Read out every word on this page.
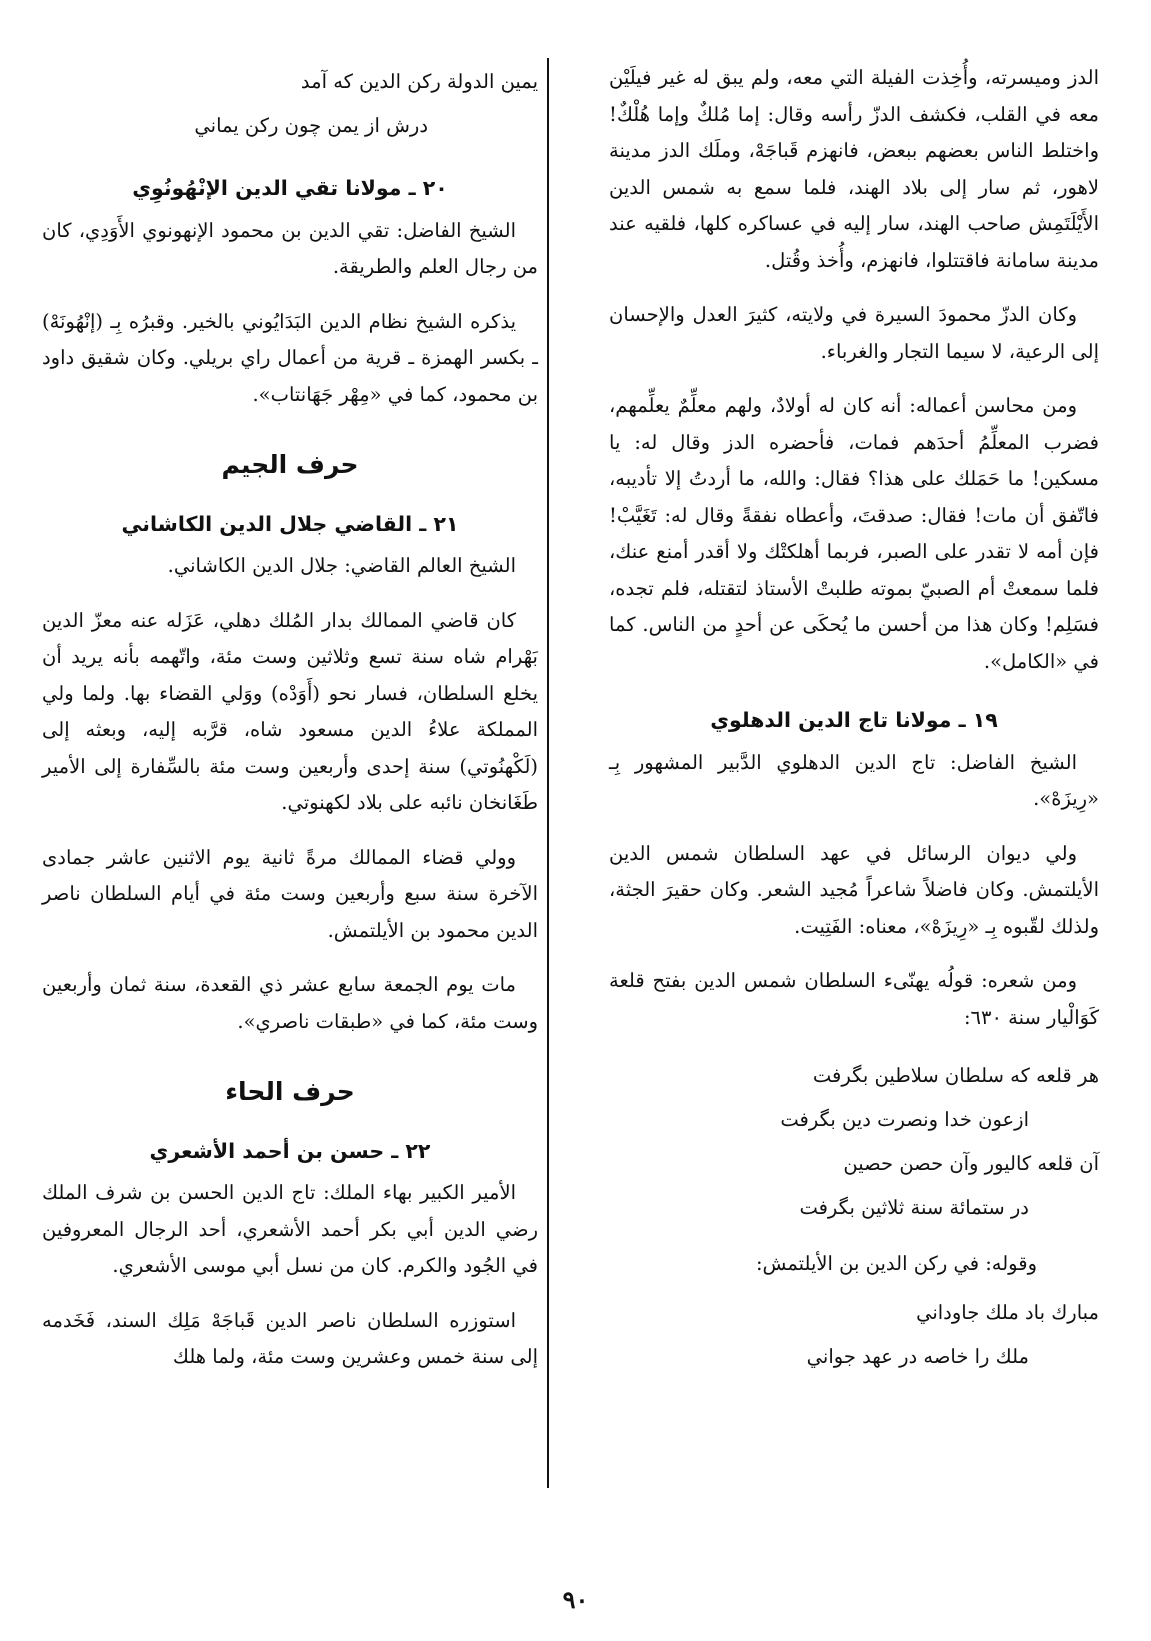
الدز وميسرته، وأُخِذت الفيلة التي معه، ولم يبق له غير فيلَيْن معه في القلب، فكشف الدزّ رأسه وقال: إما مُلكٌ وإما هُلْكٌ! واختلط الناس بعضهم ببعض، فانهزم قَباجَهْ، وملَك الدز مدينة لاهور، ثم سار إلى بلاد الهند، فلما سمع به شمس الدين الأَيْلَتَمِش صاحب الهند، سار إليه في عساكره كلها، فلقيه عند مدينة سامانة فاقتتلوا، فانهزم، وأُخذ وقُتل.

وكان الدزّ محمودَ السيرة في ولايته، كثيرَ العدل والإحسان إلى الرعية، لا سيما التجار والغرباء.

ومن محاسن أعماله: أنه كان له أولادٌ، ولهم معلِّمٌ يعلِّمهم، فضرب المعلِّمُ أحدَهم فمات، فأحضره الدز وقال له: يا مسكين! ما حَمَلك على هذا؟ فقال: والله، ما أردتُ إلا تأديبه، فاتّفق أن مات! فقال: صدقتَ، وأعطاه نفقةً وقال له: تَغَيَّبْ! فإن أمه لا تقدر على الصبر، فربما أهلكتْك ولا أقدر أمنع عنك، فلما سمعتْ أم الصبيّ بموته طلبتْ الأستاذ لتقتله، فلم تجده، فسَلِم! وكان هذا من أحسن ما يُحكَى عن أحدٍ من الناس. كما في «الكامل».

١٩ ـ مولانا تاج الدين الدهلوي

الشيخ الفاضل: تاج الدين الدهلوي الدَّبير المشهور بِـ «رِيزَهْ».

ولي ديوان الرسائل في عهد السلطان شمس الدين الأيلتمش. وكان فاضلاً شاعراً مُجيد الشعر. وكان حقيرَ الجثة، ولذلك لقّبوه بِـ «رِيزَهْ»، معناه: الفَتِيت.

ومن شعره: قولُه يهنّىء السلطان شمس الدين بفتح قلعة كَوَالْيار سنة ٦٣٠:

هر قلعه كه سلطان سلاطين بگرفت
ازعون خدا ونصرت دين بگرفت
آن قلعه كاليور وآن حصن حصين
در ستمائة سنة ثلاثين بگرفت

وقوله: في ركن الدين بن الأيلتمش:

مبارك باد ملك جاوداني
ملك را خاصه در عهد جواني
يمين الدولة ركن الدين كه آمد
درش از يمن چون ركن يماني
٢٠ ـ مولانا تقي الدين الإنْهُونُوِي

الشيخ الفاضل: تقي الدين بن محمود الإنهونوي الأَوَدِي، كان من رجال العلم والطريقة.

يذكره الشيخ نظام الدين البَدَايُوني بالخير. وقبرُه بِـ (إنْهُونَهْ) ـ بكسر الهمزة ـ قرية من أعمال راي بريلي. وكان شقيق داود بن محمود، كما في «مِهْر جَهَانتاب».

حرف الجيم
٢١ ـ القاضي جلال الدين الكاشاني

الشيخ العالم القاضي: جلال الدين الكاشاني.

كان قاضي الممالك بدار المُلك دهلي، عَزَله عنه معزّ الدين بَهْرام شاه سنة تسع وثلاثين وست مئة، واتّهمه بأنه يريد أن يخلع السلطان، فسار نحو (أَوَدْه) ووَلي القضاء بها. ولما ولي المملكة علاءُ الدين مسعود شاه، قرَّبه إليه، وبعثه إلى (لَكْهنُوتي) سنة إحدى وأربعين وست مئة بالسِّفارة إلى الأمير طَغَانخان نائبه على بلاد لكهنوتي.

وولي قضاء الممالك مرةً ثانية يوم الاثنين عاشر جمادى الآخرة سنة سبع وأربعين وست مئة في أيام السلطان ناصر الدين محمود بن الأيلتمش.

مات يوم الجمعة سابع عشر ذي القعدة، سنة ثمان وأربعين وست مئة، كما في «طبقات ناصري».

حرف الحاء
٢٢ ـ حسن بن أحمد الأشعري

الأمير الكبير بهاء الملك: تاج الدين الحسن بن شرف الملك رضي الدين أبي بكر أحمد الأشعري، أحد الرجال المعروفين في الجُود والكرم. كان من نسل أبي موسى الأشعري.

استوزره السلطان ناصر الدين قَباجَهْ مَلِك السند، فَخَدمه إلى سنة خمس وعشرين وست مئة، ولما هلك

٩٠
